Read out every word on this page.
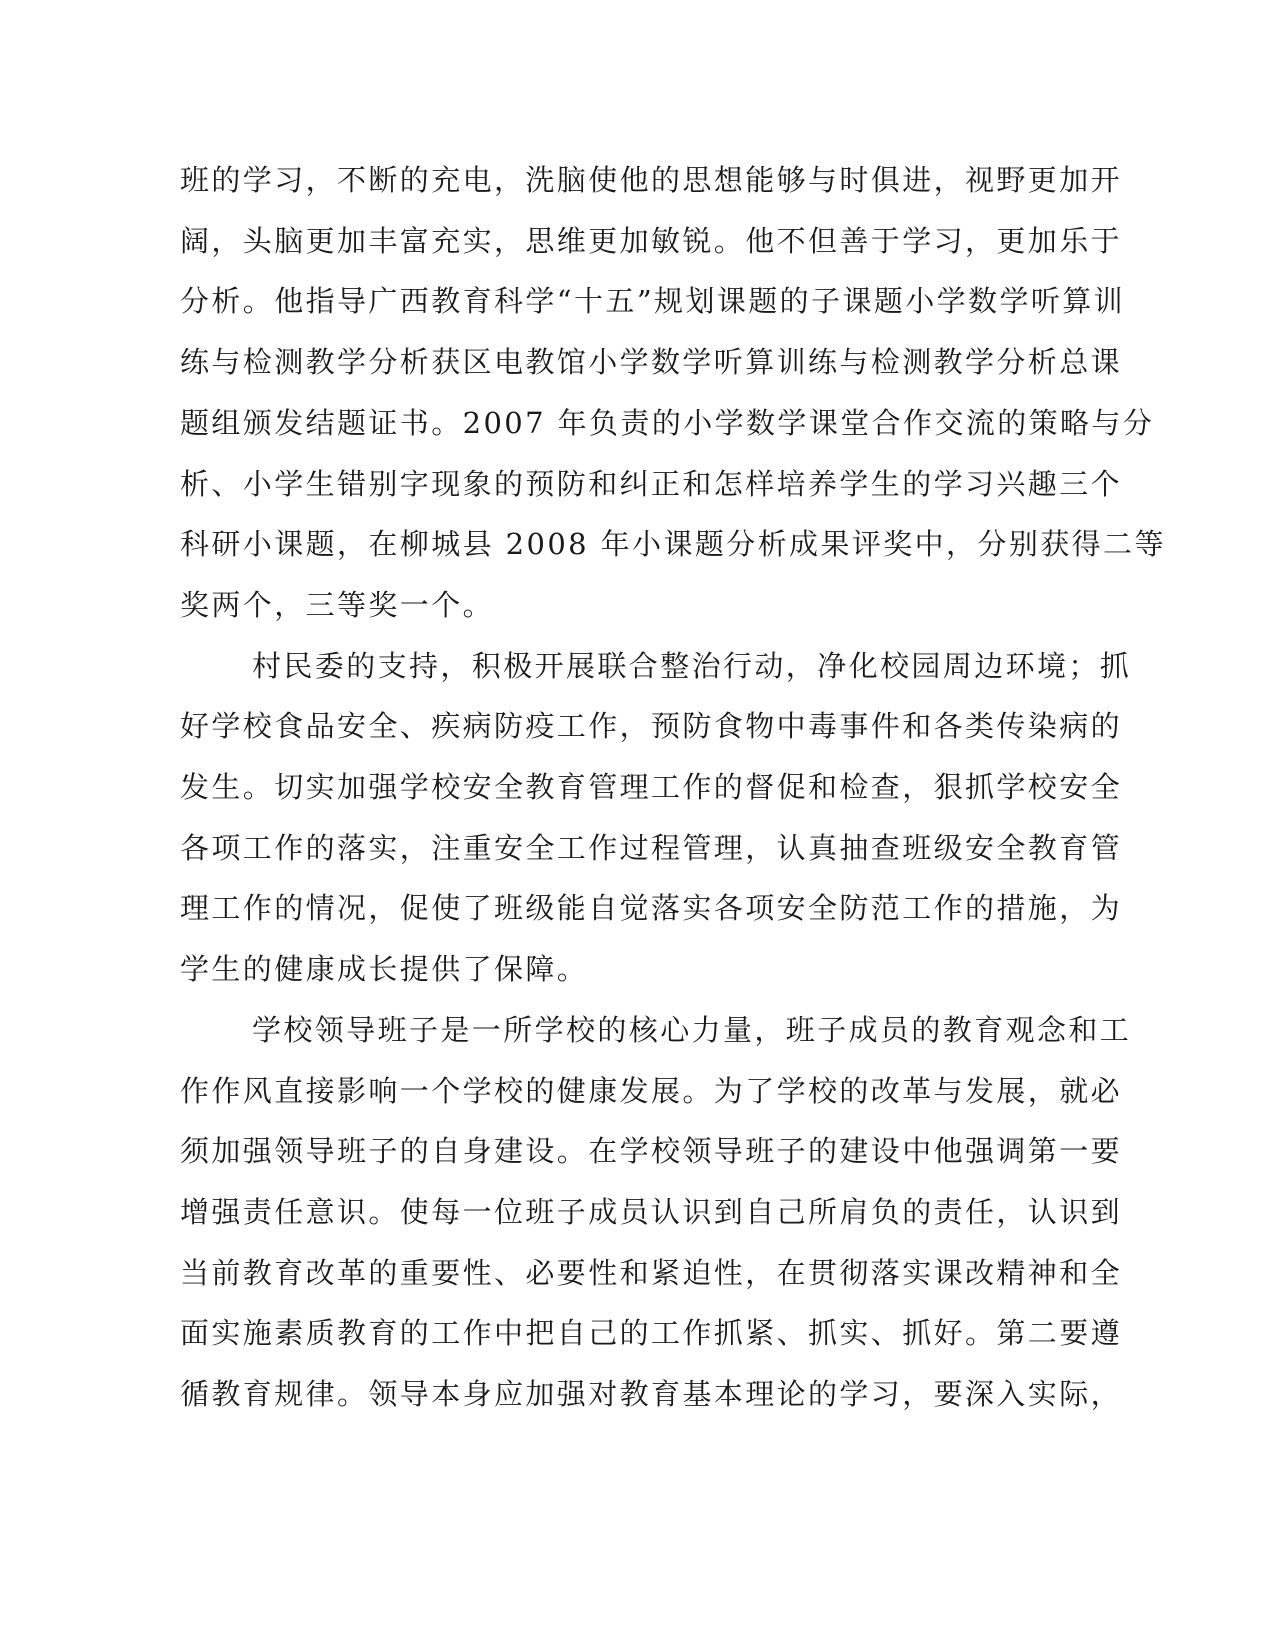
班的学习，不断的充电，洗脑使他的思想能够与时俱进，视野更加开
阔，头脑更加丰富充实，思维更加敏锐。他不但善于学习，更加乐于
分析。他指导广西教育科学“十五”规划课题的子课题小学数学听算训
练与检测教学分析获区电教馆小学数学听算训练与检测教学分析总课
题组颁发结题证书。2007 年负责的小学数学课堂合作交流的策略与分
析、小学生错别字现象的预防和纠正和怎样培养学生的学习兴趣三个
科研小课题，在柳城县 2008 年小课题分析成果评奖中，分别获得二等
奖两个，三等奖一个。

村民委的支持，积极开展联合整治行动，净化校园周边环境；抓
好学校食品安全、疾病防疫工作，预防食物中毒事件和各类传染病的
发生。切实加强学校安全教育管理工作的督促和检查，狠抓学校安全
各项工作的落实，注重安全工作过程管理，认真抽查班级安全教育管
理工作的情况，促使了班级能自觉落实各项安全防范工作的措施，为
学生的健康成长提供了保障。

学校领导班子是一所学校的核心力量，班子成员的教育观念和工
作作风直接影响一个学校的健康发展。为了学校的改革与发展，就必
须加强领导班子的自身建设。在学校领导班子的建设中他强调第一要
增强责任意识。使每一位班子成员认识到自己所肩负的责任，认识到
当前教育改革的重要性、必要性和紧迫性，在贯彻落实课改精神和全
面实施素质教育的工作中把自己的工作抓紧、抓实、抓好。第二要遵
循教育规律。领导本身应加强对教育基本理论的学习，要深入实际，
